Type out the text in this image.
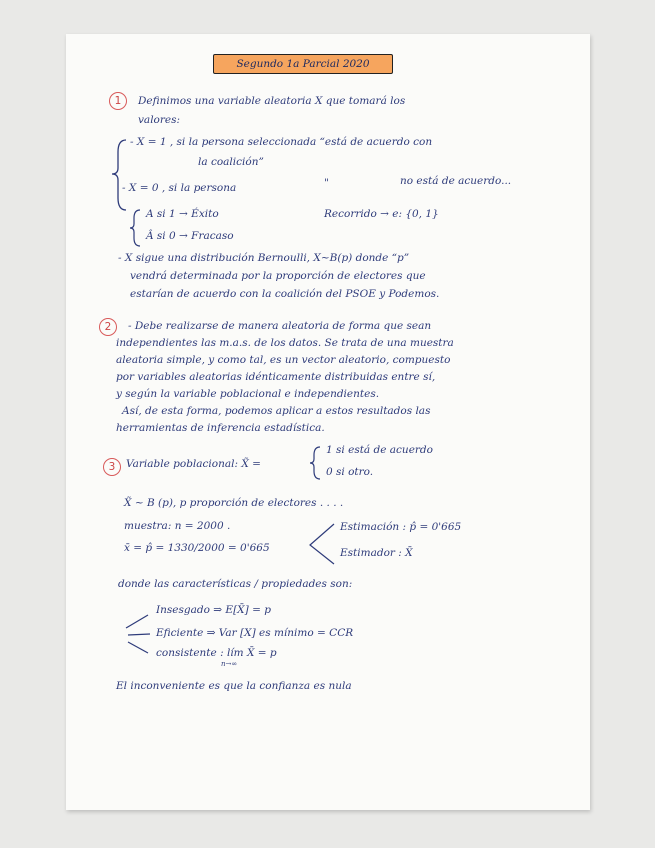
Segundo 1a Parcial 2020
1	Definimos una variable aleatoria X que tomará los
valores:
- X = 1 , si la persona seleccionada “está de acuerdo con
la coalición”
- X = 0 , si la persona	"	no está de acuerdo...
A si 1 → Éxito
Â si 0 → Fracaso
Recorrido → e: {0, 1}
- X sigue una distribución Bernoulli, X~B(p) donde “p”
vendrá determinada por la proporción de electores que
estarían de acuerdo con la coalición del PSOE y Podemos.
2	- Debe realizarse de manera aleatoria de forma que sean
independientes las m.a.s. de los datos. Se trata de una muestra
aleatoria simple, y como tal, es un vector aleatorio, compuesto
por variables aleatorias idénticamente distribuidas entre sí,
y según la variable poblacional e independientes.
Así, de esta forma, podemos aplicar a estos resultados las
herramientas de inferencia estadística.
3	Variable poblacional: X̃ =
1 si está de acuerdo
0 si otro.
X̃ ~ B (p), p proporción de electores . . . .
muestra: n = 2000 .
x̄ = p̂ = 1330/2000 = 0'665
Estimación : p̂ = 0'665
Estimador : X̄
donde las características / propiedades son:
Insesgado ⇒ E[X̄] = p
Eficiente ⇒ Var [X] es mínimo = CCR
consistente : lím X̄ = p
n→∞
El inconveniente es que la confianza es nula
